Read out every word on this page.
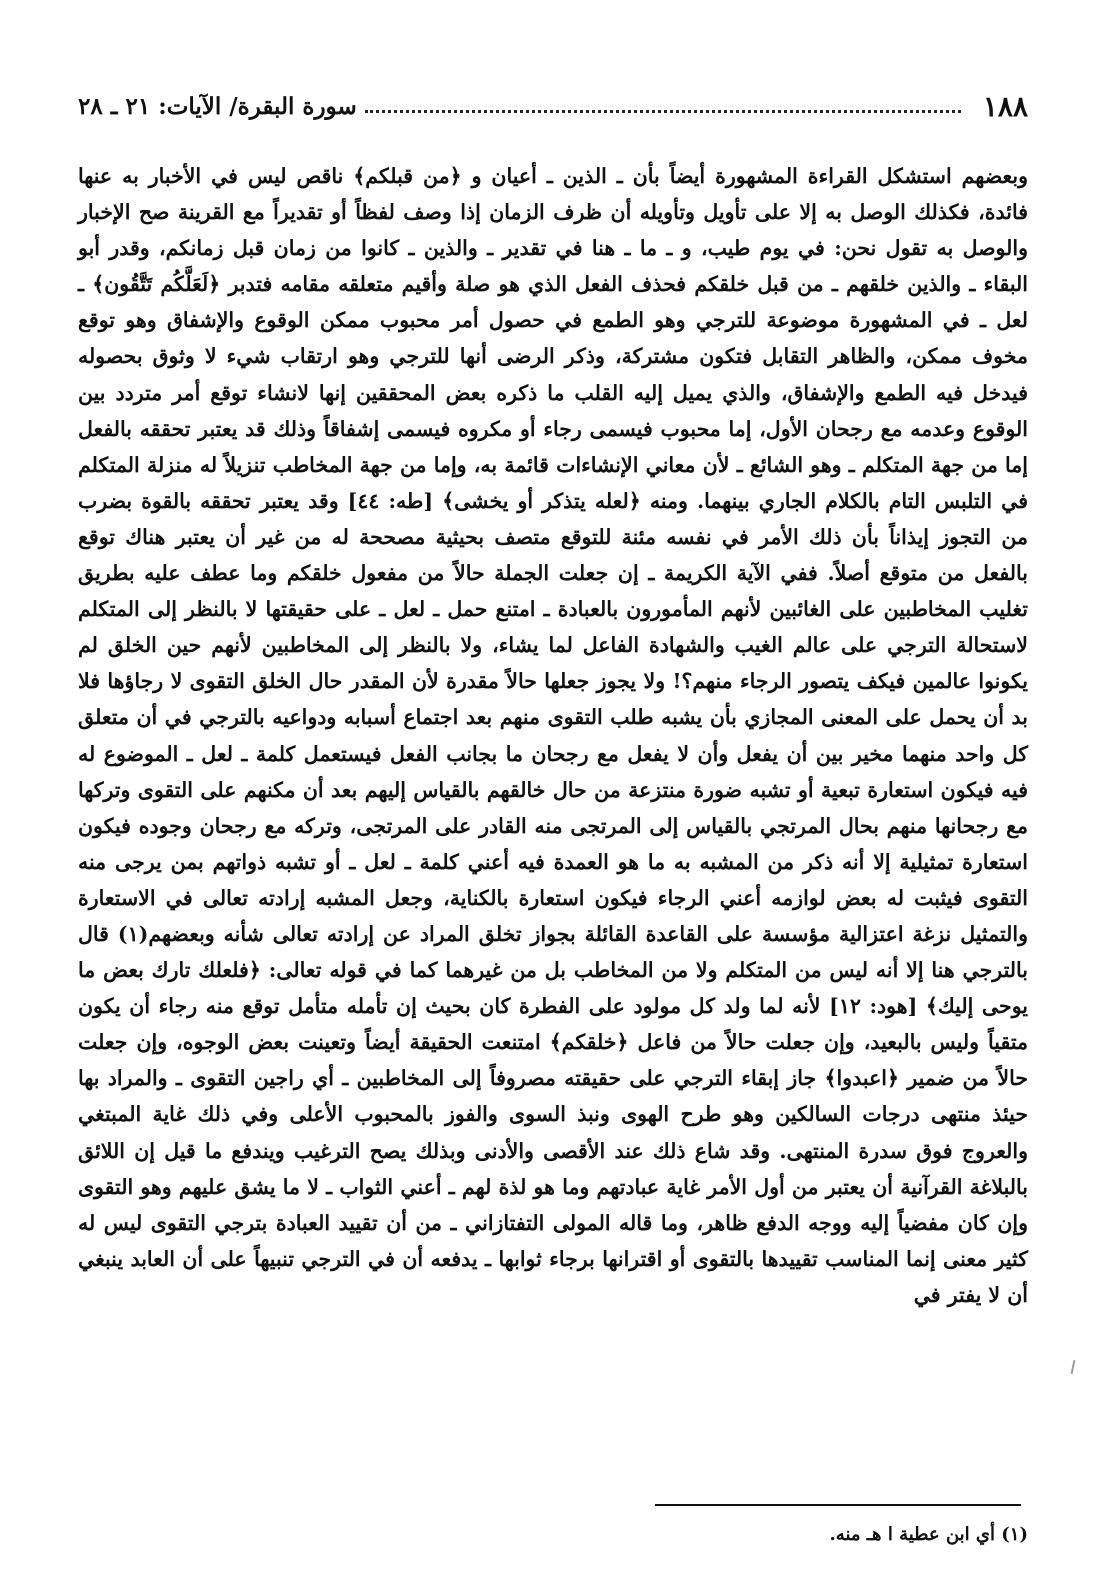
١٨٨
سورة البقرة/ الآيات: ٢١ ـ ٢٨

وبعضهم استشكل القراءة المشهورة أيضاً بأن ـ الذين ـ أعيان و ﴿من قبلكم﴾ ناقص ليس في الأخبار به عنها فائدة، فكذلك الوصل به إلا على تأويل وتأويله أن ظرف الزمان إذا وصف لفظاً أو تقديراً مع القرينة صح الإخبار والوصل به تقول نحن: في يوم طيب، و ـ ما ـ هنا في تقدير ـ والذين ـ كانوا من زمان قبل زمانكم، وقدر أبو البقاء ـ والذين خلقهم ـ من قبل خلقكم فحذف الفعل الذي هو صلة وأقيم متعلقه مقامه فتدبر ﴿لَعَلَّكُم تَتَّقُون﴾ ـ لعل ـ في المشهورة موضوعة للترجي وهو الطمع في حصول أمر محبوب ممكن الوقوع والإشفاق وهو توقع مخوف ممكن، والظاهر التقابل فتكون مشتركة، وذكر الرضى أنها للترجي وهو ارتقاب شيء لا وثوق بحصوله فيدخل فيه الطمع والإشفاق، والذي يميل إليه القلب ما ذكره بعض المحققين إنها لانشاء توقع أمر متردد بين الوقوع وعدمه مع رجحان الأول، إما محبوب فيسمى رجاء أو مكروه فيسمى إشفاقاً وذلك قد يعتبر تحققه بالفعل إما من جهة المتكلم ـ وهو الشائع ـ لأن معاني الإنشاءات قائمة به، وإما من جهة المخاطب تنزيلاً له منزلة المتكلم في التلبس التام بالكلام الجاري بينهما. ومنه ﴿لعله يتذكر أو يخشى﴾ [طه: ٤٤] وقد يعتبر تحققه بالقوة بضرب من التجوز إيذاناً بأن ذلك الأمر في نفسه مئنة للتوقع متصف بحيثية مصححة له من غير أن يعتبر هناك توقع بالفعل من متوقع أصلاً. ففي الآية الكريمة ـ إن جعلت الجملة حالاً من مفعول خلقكم وما عطف عليه بطريق تغليب المخاطبين على الغائبين لأنهم المأمورون بالعبادة ـ امتنع حمل ـ لعل ـ على حقيقتها لا بالنظر إلى المتكلم لاستحالة الترجي على عالم الغيب والشهادة الفاعل لما يشاء، ولا بالنظر إلى المخاطبين لأنهم حين الخلق لم يكونوا عالمين فيكف يتصور الرجاء منهم؟! ولا يجوز جعلها حالاً مقدرة لأن المقدر حال الخلق التقوى لا رجاؤها فلا بد أن يحمل على المعنى المجازي بأن يشبه طلب التقوى منهم بعد اجتماع أسبابه ودواعيه بالترجي في أن متعلق كل واحد منهما مخير بين أن يفعل وأن لا يفعل مع رجحان ما بجانب الفعل فيستعمل كلمة ـ لعل ـ الموضوع له فيه فيكون استعارة تبعية أو تشبه ضورة منتزعة من حال خالقهم بالقياس إليهم بعد أن مكنهم على التقوى وتركها مع رجحانها منهم بحال المرتجي بالقياس إلى المرتجى منه القادر على المرتجى، وتركه مع رجحان وجوده فيكون استعارة تمثيلية إلا أنه ذكر من المشبه به ما هو العمدة فيه أعني كلمة ـ لعل ـ أو تشبه ذواتهم بمن يرجى منه التقوى فيثبت له بعض لوازمه أعني الرجاء فيكون استعارة بالكناية، وجعل المشبه إرادته تعالى في الاستعارة والتمثيل نزغة اعتزالية مؤسسة على القاعدة القائلة بجواز تخلق المراد عن إرادته تعالى شأنه وبعضهم(١) قال بالترجي هنا إلا أنه ليس من المتكلم ولا من المخاطب بل من غيرهما كما في قوله تعالى: ﴿فلعلك تارك بعض ما يوحى إليك﴾ [هود: ١٢] لأنه لما ولد كل مولود على الفطرة كان بحيث إن تأمله متأمل توقع منه رجاء أن يكون متقياً وليس بالبعيد، وإن جعلت حالاً من فاعل ﴿خلقكم﴾ امتنعت الحقيقة أيضاً وتعينت بعض الوجوه، وإن جعلت حالاً من ضمير ﴿اعبدوا﴾ جاز إبقاء الترجي على حقيقته مصروفاً إلى المخاطبين ـ أي راجين التقوى ـ والمراد بها حيئذ منتهى درجات السالكين وهو طرح الهوى ونبذ السوى والفوز بالمحبوب الأعلى وفي ذلك غاية المبتغي والعروج فوق سدرة المنتهى. وقد شاع ذلك عند الأقصى والأدنى وبذلك يصح الترغيب ويندفع ما قيل إن اللائق بالبلاغة القرآنية أن يعتبر من أول الأمر غاية عبادتهم وما هو لذة لهم ـ أعني الثواب ـ لا ما يشق عليهم وهو التقوى وإن كان مفضياً إليه ووجه الدفع ظاهر، وما قاله المولى التفتازاني ـ من أن تقييد العبادة بترجي التقوى ليس له كثير معنى إنما المناسب تقييدها بالتقوى أو اقترانها برجاء ثوابها ـ يدفعه أن في الترجي تنبيهاً على أن العابد ينبغي أن لا يفتر في

(١) أي ابن عطية ا هـ منه.
